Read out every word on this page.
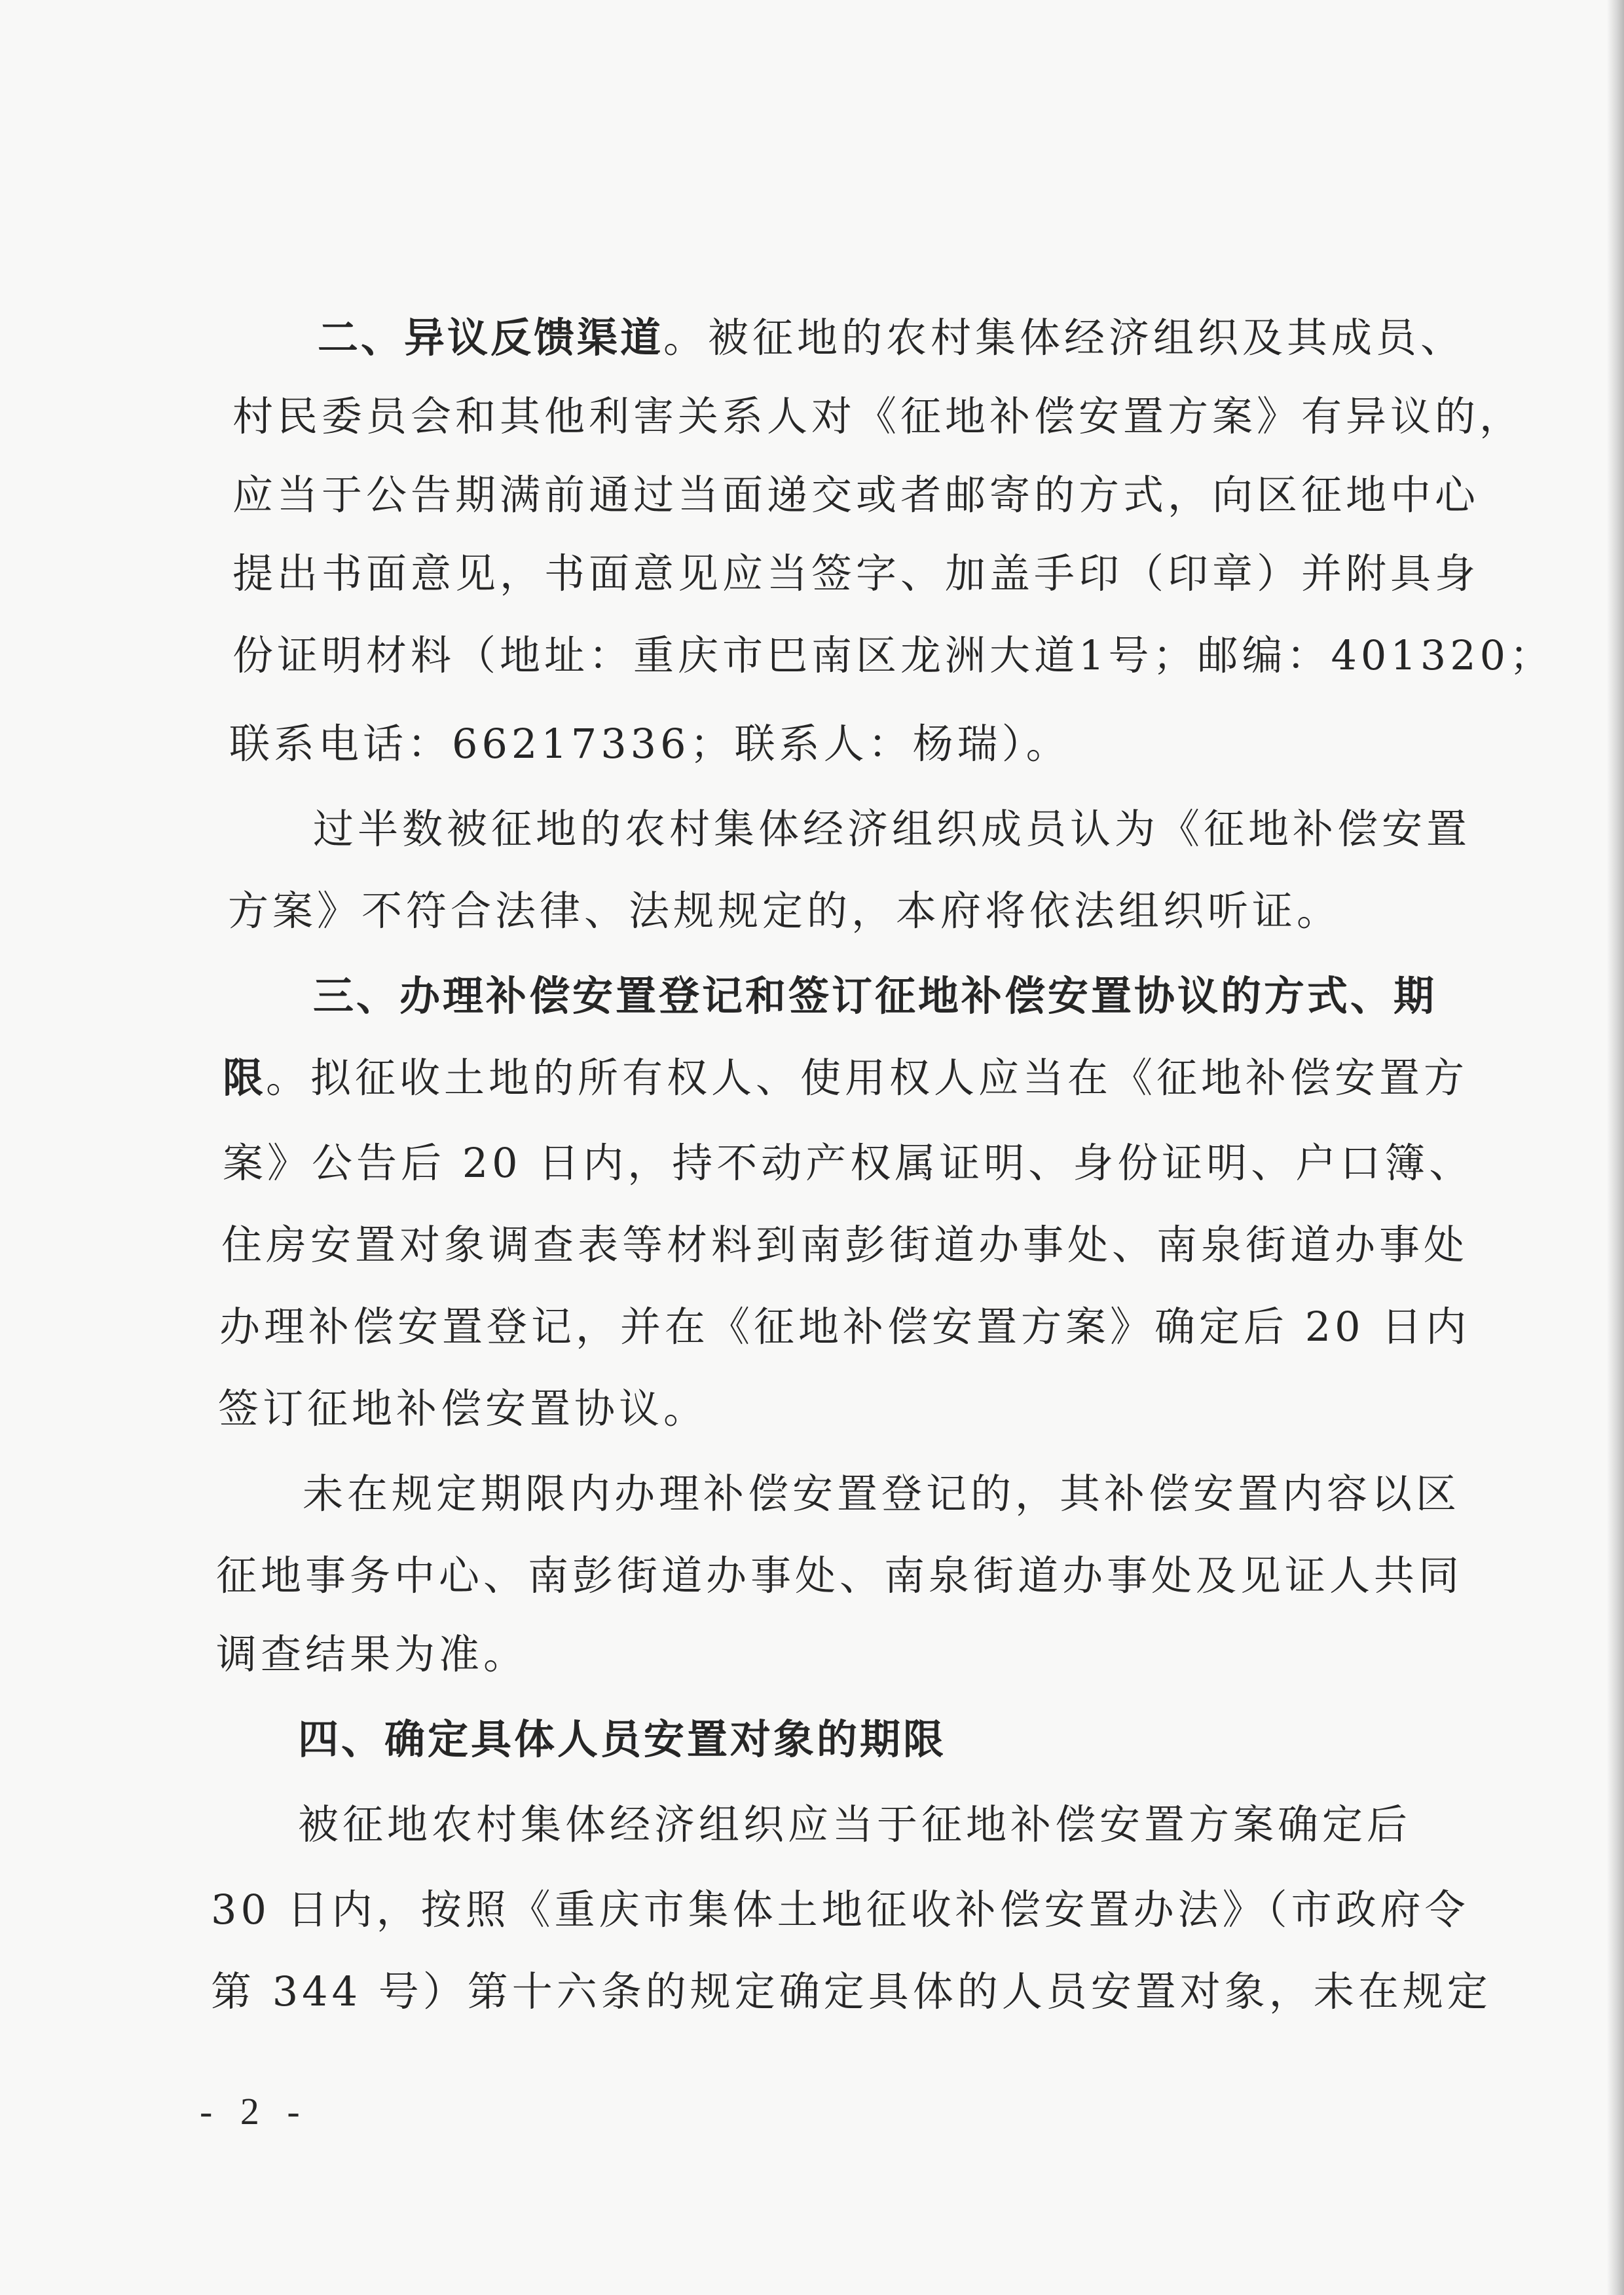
二、异议反馈渠道。被征地的农村集体经济组织及其成员、
村民委员会和其他利害关系人对《征地补偿安置方案》有异议的，
应当于公告期满前通过当面递交或者邮寄的方式，向区征地中心
提出书面意见，书面意见应当签字、加盖手印（印章）并附具身
份证明材料（地址：重庆市巴南区龙洲大道1号；邮编：401320；
联系电话：66217336；联系人：杨瑞）。
过半数被征地的农村集体经济组织成员认为《征地补偿安置
方案》不符合法律、法规规定的，本府将依法组织听证。
三、办理补偿安置登记和签订征地补偿安置协议的方式、期
限。拟征收土地的所有权人、使用权人应当在《征地补偿安置方
案》公告后 20 日内，持不动产权属证明、身份证明、户口簿、
住房安置对象调查表等材料到南彭街道办事处、南泉街道办事处
办理补偿安置登记，并在《征地补偿安置方案》确定后 20 日内
签订征地补偿安置协议。
未在规定期限内办理补偿安置登记的，其补偿安置内容以区
征地事务中心、南彭街道办事处、南泉街道办事处及见证人共同
调查结果为准。
四、确定具体人员安置对象的期限
被征地农村集体经济组织应当于征地补偿安置方案确定后
30 日内，按照《重庆市集体土地征收补偿安置办法》（市政府令
第 344 号）第十六条的规定确定具体的人员安置对象，未在规定
- 2 -
